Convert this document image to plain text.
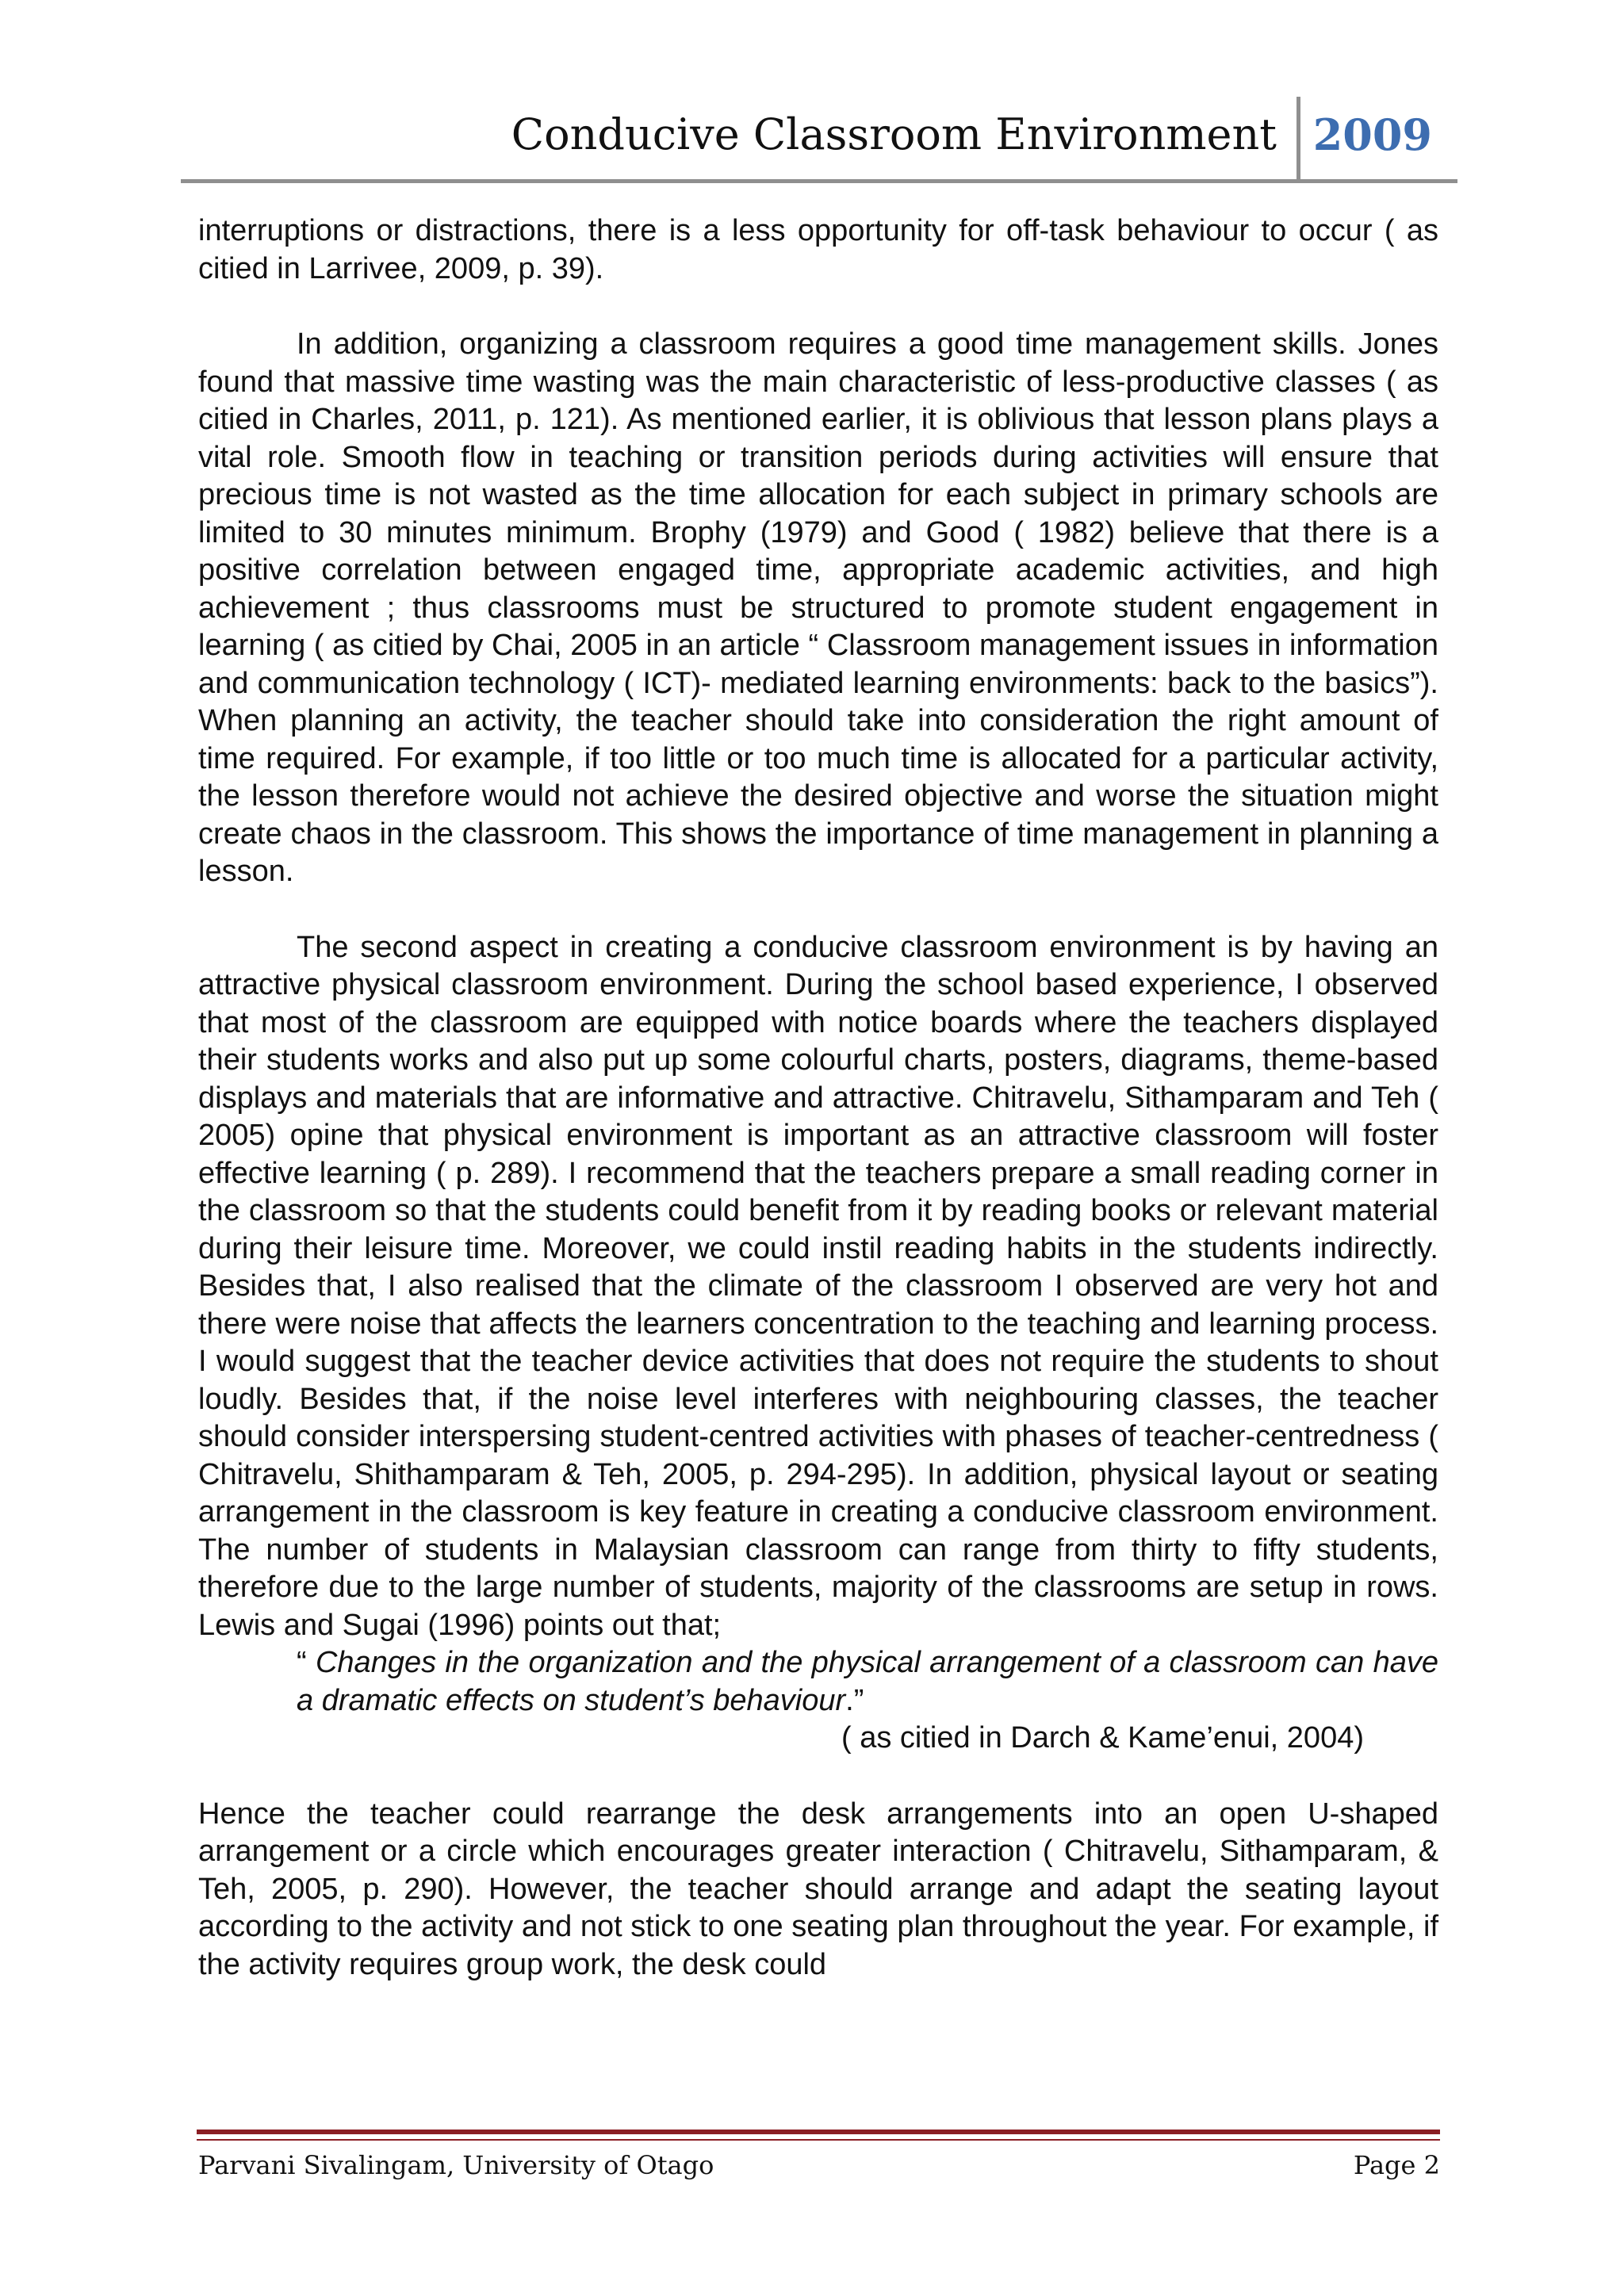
Conducive Classroom Environment 2009

interruptions or distractions, there is a less opportunity for off-task behaviour to occur ( as citied in Larrivee, 2009, p. 39).

In addition, organizing a classroom requires a good time management skills. Jones found that massive time wasting was the main characteristic of less-productive classes ( as citied in Charles, 2011, p. 121). As mentioned earlier, it is oblivious that lesson plans plays a vital role. Smooth flow in teaching or transition periods during activities will ensure that precious time is not wasted as the time allocation for each subject in primary schools are limited to 30 minutes minimum. Brophy (1979) and Good ( 1982) believe that there is a positive correlation between engaged time, appropriate academic activities, and high achievement ; thus classrooms must be structured to promote student engagement in learning ( as citied by Chai, 2005 in an article “ Classroom management issues in information and communication technology ( ICT)- mediated learning environments: back to the basics”). When planning an activity, the teacher should take into consideration the right amount of time required. For example, if too little or too much time is allocated for a particular activity, the lesson therefore would not achieve the desired objective and worse the situation might create chaos in the classroom. This shows the importance of time management in planning a lesson.

The second aspect in creating a conducive classroom environment is by having an attractive physical classroom environment. During the school based experience, I observed that most of the classroom are equipped with notice boards where the teachers displayed their students works and also put up some colourful charts, posters, diagrams, theme-based displays and materials that are informative and attractive. Chitravelu, Sithamparam and Teh ( 2005) opine that physical environment is important as an attractive classroom will foster effective learning ( p. 289). I recommend that the teachers prepare a small reading corner in the classroom so that the students could benefit from it by reading books or relevant material during their leisure time. Moreover, we could instil reading habits in the students indirectly. Besides that, I also realised that the climate of the classroom I observed are very hot and there were noise that affects the learners concentration to the teaching and learning process. I would suggest that the teacher device activities that does not require the students to shout loudly. Besides that, if the noise level interferes with neighbouring classes, the teacher should consider interspersing student-centred activities with phases of teacher-centredness ( Chitravelu, Shithamparam & Teh, 2005, p. 294-295). In addition, physical layout or seating arrangement in the classroom is key feature in creating a conducive classroom environment. The number of students in Malaysian classroom can range from thirty to fifty students, therefore due to the large number of students, majority of the classrooms are setup in rows. Lewis and Sugai (1996) points out that;

“ Changes in the organization and the physical arrangement of a classroom can have a dramatic effects on student’s behaviour.”

( as citied in Darch & Kame’enui, 2004)

Hence the teacher could rearrange the desk arrangements into an open U-shaped arrangement or a circle which encourages greater interaction ( Chitravelu, Sithamparam, & Teh, 2005, p. 290). However, the teacher should arrange and adapt the seating layout according to the activity and not stick to one seating plan throughout the year. For example, if the activity requires group work, the desk could

Parvani Sivalingam, University of Otago	Page 2
